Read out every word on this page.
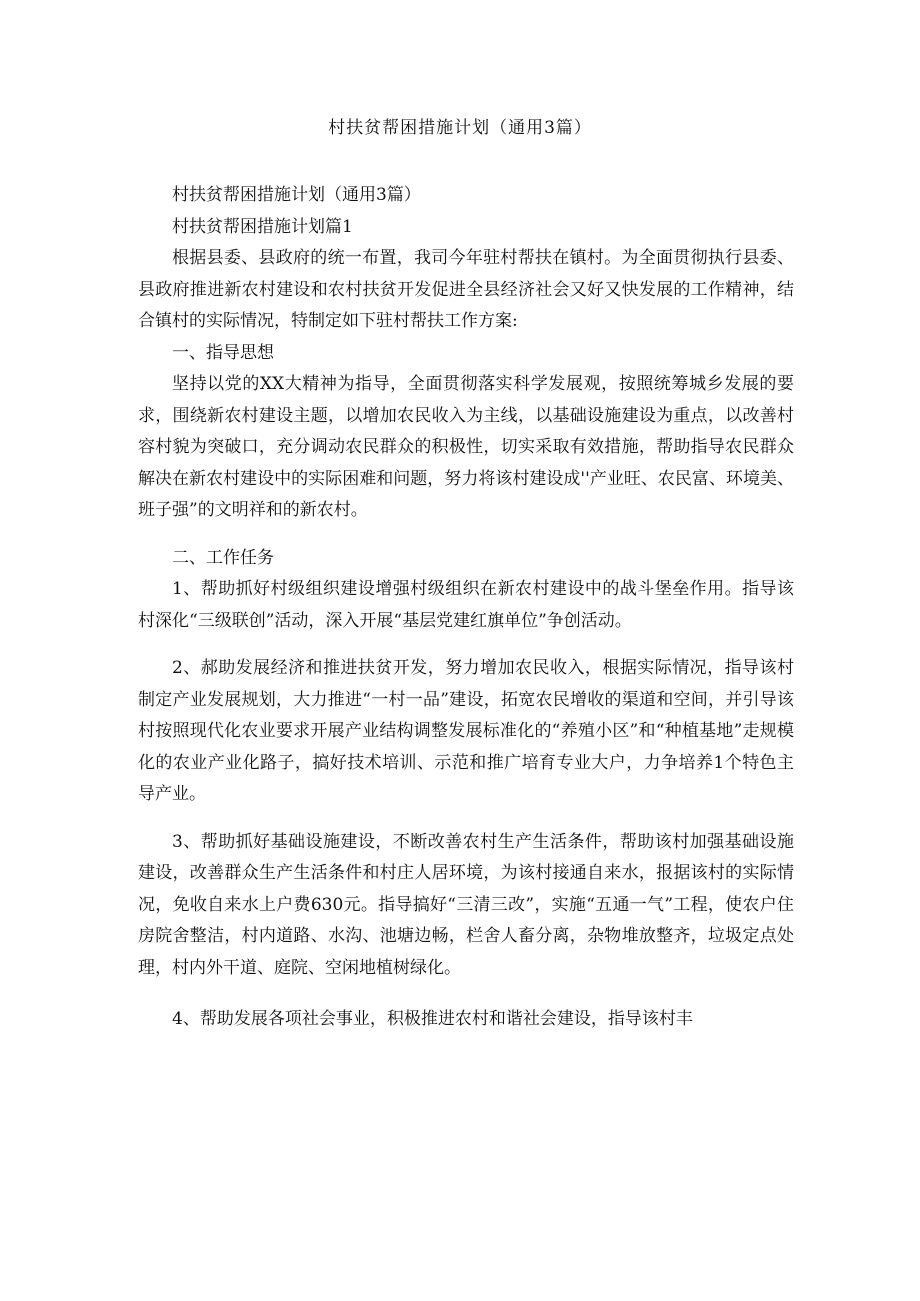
村扶贫帮困措施计划（通用3篇）

村扶贫帮困措施计划（通用3篇）

村扶贫帮困措施计划篇1

根据县委、县政府的统一布置，我司今年驻村帮扶在镇村。为全面贯彻执行县委、县政府推进新农村建设和农村扶贫开发促进全县经济社会又好又快发展的工作精神，结合镇村的实际情况，特制定如下驻村帮扶工作方案:

一、指导思想

坚持以党的XX大精神为指导，全面贯彻落实科学发展观，按照统筹城乡发展的要求，围绕新农村建设主题，以增加农民收入为主线，以基础设施建设为重点，以改善村容村貌为突破口，充分调动农民群众的积极性，切实采取有效措施，帮助指导农民群众解决在新农村建设中的实际困难和问题，努力将该村建设成''产业旺、农民富、环境美、班子强”的文明祥和的新农村。

二、工作任务

1、帮助抓好村级组织建设增强村级组织在新农村建设中的战斗堡垒作用。指导该村深化“三级联创”活动，深入开展“基层党建红旗单位”争创活动。

2、郝助发展经济和推进扶贫开发，努力增加农民收入，根据实际情况，指导该村制定产业发展规划，大力推进“一村一品”建设，拓宽农民增收的渠道和空间，并引导该村按照现代化农业要求开展产业结构调整发展标准化的“养殖小区”和“种植基地”走规模化的农业产业化路子，搞好技术培训、示范和推广培育专业大户，力争培养1个特色主导产业。

3、帮助抓好基础设施建设，不断改善农村生产生活条件，帮助该村加强基础设施建设，改善群众生产生活条件和村庄人居环境，为该村接通自来水，报据该村的实际情况，免收自来水上户费630元。指导搞好“三清三改”，实施“五通一气”工程，使农户住房院舍整洁，村内道路、水沟、池塘边畅，栏舍人畜分离，杂物堆放整齐，垃圾定点处理，村内外干道、庭院、空闲地植树绿化。

4、帮助发展各项社会事业，积极推进农村和谐社会建设，指导该村丰
